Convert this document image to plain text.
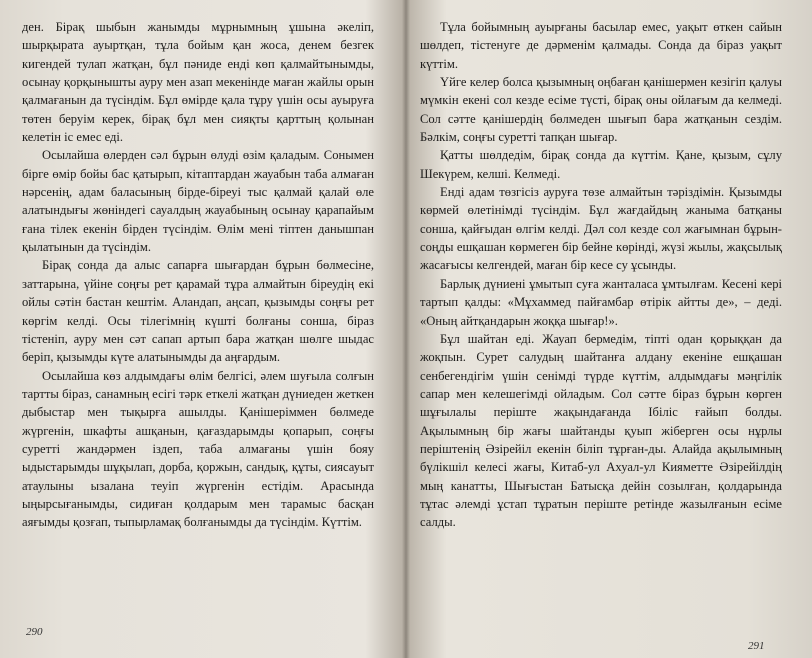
ден. Бірақ шыбын жанымды мұрнымның ұшына әкеліп, шырқырата ауыртқан, тұла бойым қан жоса, денем безгек кигендей тулап жатқан, бұл пәниде енді көп қалмайтынымды, осынау қорқынышты ауру мен азап мекенінде маған жайлы орын қалмағанын да түсіндім. Бұл өмірде қала тұру үшін осы ауыруға төтен беруім керек, бірақ бұл мен сияқты қарттың қолынан келетін іс емес еді.

Осылайша өлерден сәл бұрын өлуді өзім қаладым. Сонымен бірге өмір бойы бас қатырып, кітаптардан жауабын таба алмаған нәрсенің, адам баласының бірде-біреуі тыс қалмай қалай өле алатындығы жөніндегі сауалдың жауабының осынау қарапайым ғана тілек екенін бірден түсіндім. Өлім мені тіптен данышпан қылатынын да түсіндім.

Бірақ сонда да алыс сапарға шығардан бұрын бөлмесіне, заттарына, үйіне соңғы рет қарамай тұра алмайтын біреудің екі ойлы сәтін бастан кештім. Аландап, аңсап, қызымды соңғы рет көргім келді. Осы тілегімнің күшті болғаны сонша, біраз тістеніп, ауру мен сәт сапап артып бара жатқан шөлге шыдас беріп, қызымды күте алатынымды да аңғардым.

Осылайша көз алдымдағы өлім белгісі, әлем шуғыла солғын тартты біраз, санамның есігі тәрк еткелі жатқан дүниеден жеткен дыбыстар мен тықырға ашылды. Қанішеріммен бөлмеде жүргенін, шкафты ашқанын, қағаздарымды қопарып, соңғы суретті жандәрмен іздеп, таба алмағаны үшін бояу ыдыстарымды шұқылап, дорба, қоржын, сандық, құты, сиясауыт атаулыны ызалана теуіп жүргенін естідім. Арасында ыңырсығанымды, сидиған қолдарым мен тарамыс басқан аяғымды қозғап, тыпырламақ болғанымды да түсіндім. Күттім.

290

Тұла бойымның ауырғаны басылар емес, уақыт өткен сайын шөлдеп, тістенуге де дәрменім қалмады. Сонда да біраз уақыт күттім.

Үйге келер болса қызымның оңбаған қанішермен кезігіп қалуы мүмкін екені сол кезде есіме түсті, бірақ оны ойлағым да келмеді. Сол сәтте қанішердің бөлмеден шығып бара жатқанын сездім. Бәлкім, соңғы суретті тапқан шығар.

Қатты шөлдедім, бірақ сонда да күттім. Қане, қызым, сұлу Шекүрем, келші. Келмеді.

Енді адам төзгісіз ауруға төзе алмайтын тәріздімін. Қызымды көрмей өлетінімді түсіндім. Бұл жағдайдың жаныма батқаны сонша, қайғыдан өлгім келді. Дәл сол кезде сол жағымнан бұрын-соңды ешқашан көрмеген бір бейне көрінді, жүзі жылы, жақсылық жасағысы келгендей, маған бір кесе су ұсынды.

Барлық дүниені ұмытып суға жанталаса ұмтылғам. Кесені кері тартып қалды: «Мұхаммед пайғамбар өтірік айтты де», – деді. «Оның айтқандарын жоққа шығар!».

Бұл шайтан еді. Жауап бермедім, тіпті одан қорыққан да жоқпын. Сурет салудың шайтанға алдану екеніне ешқашан сенбегендігім үшін сенімді түрде күттім, алдымдағы мәңгілік сапар мен келешегімді ойладым. Сол сәтте біраз бұрын көрген шұғылалы періште жақындағанда Ібіліс ғайып болды. Ақылымның бір жағы шайтанды қуып жіберген осы нұрлы періштенің Әзірейіл екенін біліп тұрған-ды. Алайда ақылымның бүлікшіл келесі жағы, Китаб-ул Ахуал-ул Кияметте Әзірейілдің мың канатты, Шығыстан Батысқа дейін созылған, қолдарында тұтас әлемді ұстап тұратын періште ретінде жазылғанын есіме салды.

291
